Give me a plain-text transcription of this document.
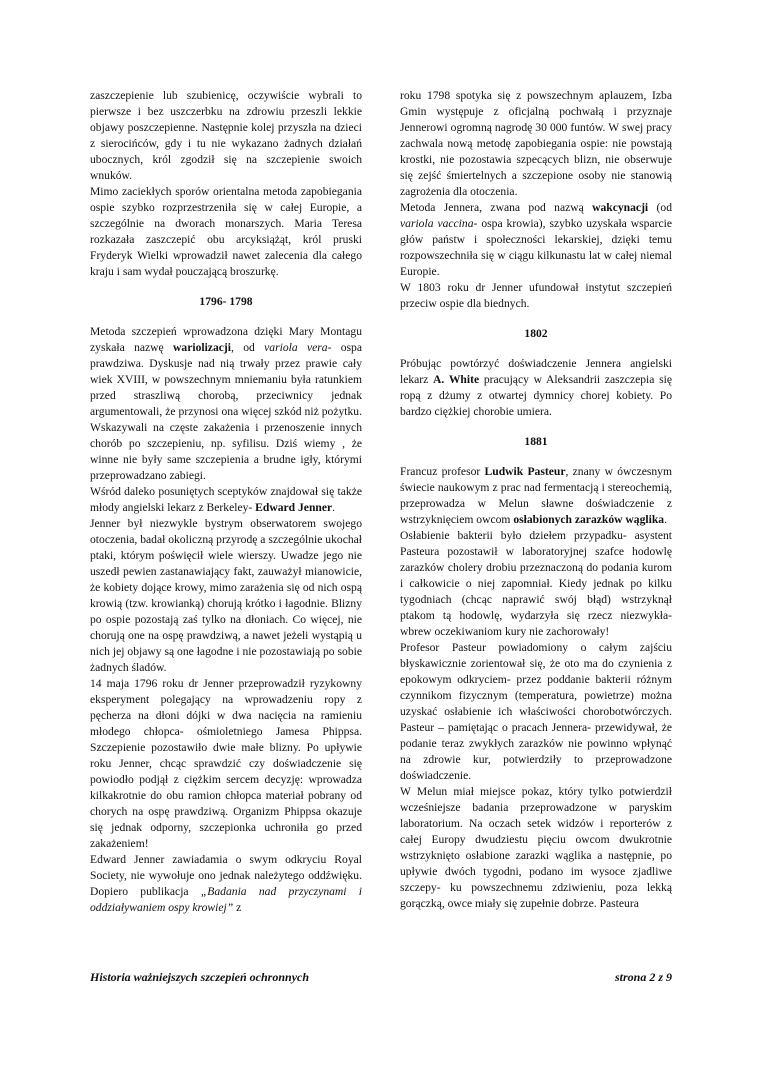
zaszczepienie lub szubienicę, oczywiście wybrali to pierwsze i bez uszczerbku na zdrowiu przeszli lekkie objawy poszczepienne. Następnie kolej przyszła na dzieci z sierocińców, gdy i tu nie wykazano żadnych działań ubocznych, król zgodził się na szczepienie swoich wnuków.

Mimo zaciekłych sporów orientalna metoda zapobiegania ospie szybko rozprzestrzeniła się w całej Europie, a szczególnie na dworach monarszych. Maria Teresa rozkazała zaszczepić obu arcyksiążąt, król pruski Fryderyk Wielki wprowadził nawet zalecenia dla całego kraju i sam wydał pouczającą broszurkę.

1796- 1798

Metoda szczepień wprowadzona dzięki Mary Montagu zyskała nazwę wariolizacji, od variola vera- ospa prawdziwa. Dyskusje nad nią trwały przez prawie cały wiek XVIII, w powszechnym mniemaniu była ratunkiem przed straszliwą chorobą, przeciwnicy jednak argumentowali, że przynosi ona więcej szkód niż pożytku. Wskazywali na częste zakażenia i przenoszenie innych chorób po szczepieniu, np. syfilisu. Dziś wiemy , że winne nie były same szczepienia a brudne igły, którymi przeprowadzano zabiegi.

Wśród daleko posuniętych sceptyków znajdował się także młody angielski lekarz z Berkeley- Edward Jenner.

Jenner był niezwykle bystrym obserwatorem swojego otoczenia, badał okoliczną przyrodę a szczególnie ukochał ptaki, którym poświęcił wiele wierszy. Uwadze jego nie uszedł pewien zastanawiający fakt, zauważył mianowicie, że kobiety dojące krowy, mimo zarażenia się od nich ospą krowią (tzw. krowianką) chorują krótko i łagodnie. Blizny po ospie pozostają zaś tylko na dłoniach. Co więcej, nie chorują one na ospę prawdziwą, a nawet jeżeli wystąpią u nich jej objawy są one łagodne i nie pozostawiają po sobie żadnych śladów.

14 maja 1796 roku dr Jenner przeprowadził ryzykowny eksperyment polegający na wprowadzeniu ropy z pęcherza na dłoni dójki w dwa nacięcia na ramieniu młodego chłopca- ośmioletniego Jamesa Phippsa. Szczepienie pozostawiło dwie małe blizny. Po upływie roku Jenner, chcąc sprawdzić czy doświadczenie się powiodło podjął z ciężkim sercem decyzję: wprowadza kilkakrotnie do obu ramion chłopca materiał pobrany od chorych na ospę prawdziwą. Organizm Phippsa okazuje się jednak odporny, szczepionka uchroniła go przed zakażeniem!

Edward Jenner zawiadamia o swym odkryciu Royal Society, nie wywołuje ono jednak należytego oddźwięku. Dopiero publikacja „Badania nad przyczynami i oddziaływaniem ospy krowiej” z

roku 1798 spotyka się z powszechnym aplauzem, Izba Gmin występuje z oficjalną pochwałą i przyznaje Jennerowi ogromną nagrodę 30 000 funtów. W swej pracy zachwala nową metodę zapobiegania ospie: nie powstają krostki, nie pozostawia szpecących blizn, nie obserwuje się zejść śmiertelnych a szczepione osoby nie stanowią zagrożenia dla otoczenia.

Metoda Jennera, zwana pod nazwą wakcynacji (od variola vaccina- ospa krowia), szybko uzyskała wsparcie głów państw i społeczności lekarskiej, dzięki temu rozpowszechniła się w ciągu kilkunastu lat w całej niemal Europie.

W 1803 roku dr Jenner ufundował instytut szczepień przeciw ospie dla biednych.

1802

Próbując powtórzyć doświadczenie Jennera angielski lekarz A. White pracujący w Aleksandrii zaszczepia się ropą z dżumy z otwartej dymnicy chorej kobiety. Po bardzo ciężkiej chorobie umiera.

1881

Francuz profesor Ludwik Pasteur, znany w ówczesnym świecie naukowym z prac nad fermentacją i stereochemią, przeprowadza w Melun sławne doświadczenie z wstrzyknięciem owcom osłabionych zarazków wąglika.

Osłabienie bakterii było dziełem przypadku- asystent Pasteura pozostawił w laboratoryjnej szafce hodowlę zarazków cholery drobiu przeznaczoną do podania kurom i całkowicie o niej zapomniał. Kiedy jednak po kilku tygodniach (chcąc naprawić swój błąd) wstrzyknął ptakom tą hodowlę, wydarzyła się rzecz niezwykła- wbrew oczekiwaniom kury nie zachorowały!

Profesor Pasteur powiadomiony o całym zajściu błyskawicznie zorientował się, że oto ma do czynienia z epokowym odkryciem- przez poddanie bakterii różnym czynnikom fizycznym (temperatura, powietrze) można uzyskać osłabienie ich właściwości chorobotwórczych. Pasteur – pamiętając o pracach Jennera- przewidywał, że podanie teraz zwykłych zarazków nie powinno wpłynąć na zdrowie kur, potwierdziły to przeprowadzone doświadczenie.

W Melun miał miejsce pokaz, który tylko potwierdził wcześniejsze badania przeprowadzone w paryskim laboratorium. Na oczach setek widzów i reporterów z całej Europy dwudziestu pięciu owcom dwukrotnie wstrzyknięto osłabione zarazki wąglika a następnie, po upływie dwóch tygodni, podano im wysoce zjadliwe szczepy- ku powszechnemu zdziwieniu, poza lekką gorączką, owce miały się zupełnie dobrze. Pasteura

Historia ważniejszych szczepień ochronnych	strona 2 z 9
